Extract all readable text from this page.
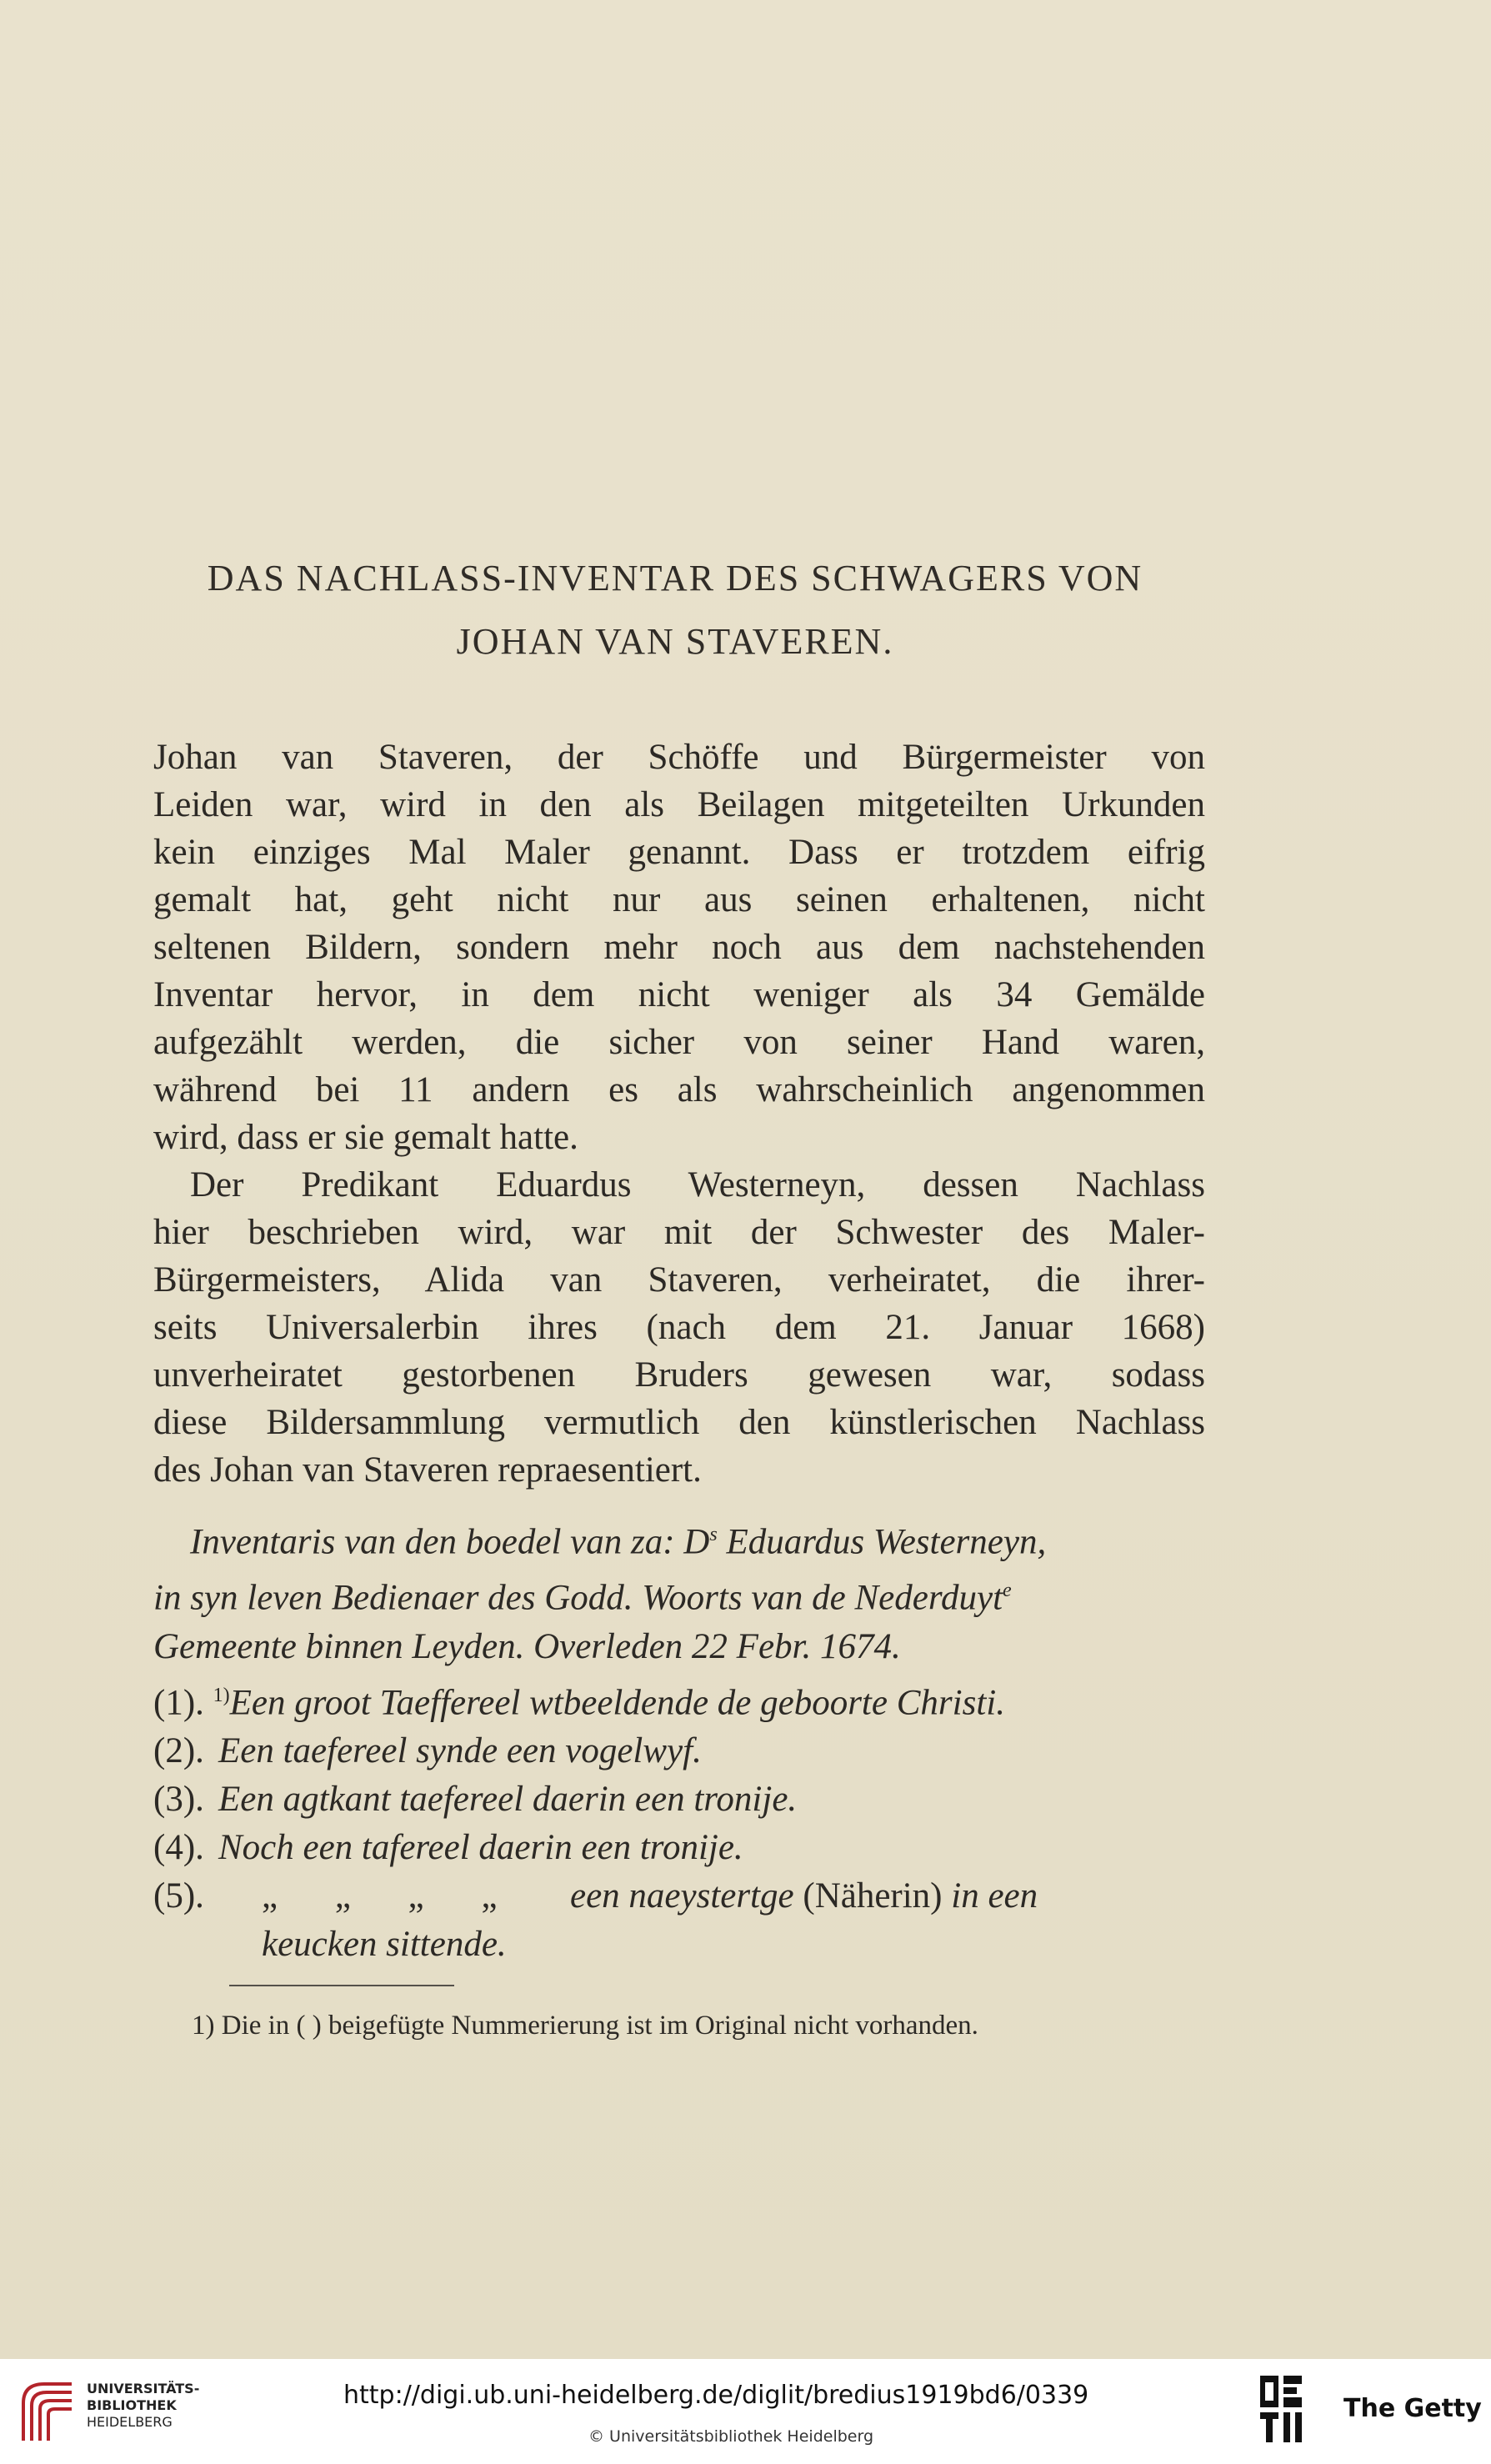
DAS NACHLASS-INVENTAR DES SCHWAGERS VON
JOHAN VAN STAVEREN.

Johan van Staveren, der Schöffe und Bürgermeister von

Leiden war, wird in den als Beilagen mitgeteilten Urkunden

kein einziges Mal Maler genannt. Dass er trotzdem eifrig

gemalt hat, geht nicht nur aus seinen erhaltenen, nicht

seltenen Bildern, sondern mehr noch aus dem nachstehenden

Inventar hervor, in dem nicht weniger als 34 Gemälde

aufgezählt werden, die sicher von seiner Hand waren,

während bei 11 andern es als wahrscheinlich angenommen

wird, dass er sie gemalt hatte.

Der Predikant Eduardus Westerneyn, dessen Nachlass

hier beschrieben wird, war mit der Schwester des Maler-

Bürgermeisters, Alida van Staveren, verheiratet, die ihrer-

seits Universalerbin ihres (nach dem 21. Januar 1668)

unverheiratet gestorbenen Bruders gewesen war, sodass

diese Bildersammlung vermutlich den künstlerischen Nachlass

des Johan van Staveren repraesentiert.

Inventaris van den boedel van za: $D^s$ Eduardus Westerneyn,
in syn leven Bedienaer des Godd. Woorts van de Nederduyt$^e$
Gemeente binnen Leyden. Overleden 22 Febr. 1674.
(1). $^{1)}$Een groot Taeffereel wtbeeldende de geboorte Christi.
(2). Een taefereel synde een vogelwyf.
(3). Een agtkant taefereel daerin een tronije.
(4). Noch een tafereel daerin een tronije.
(5). „ „ „ „ een naeystertge (Näherin) in een
keucken sittende.
1) Die in ( ) beigefügte Nummerierung ist im Original nicht vorhanden.
UNIVERSITÄTS-
BIBLIOTHEK
HEIDELBERG
http://digi.ub.uni-heidelberg.de/diglit/bredius1919bd6/0339
© Universitätsbibliothek Heidelberg
The Getty
